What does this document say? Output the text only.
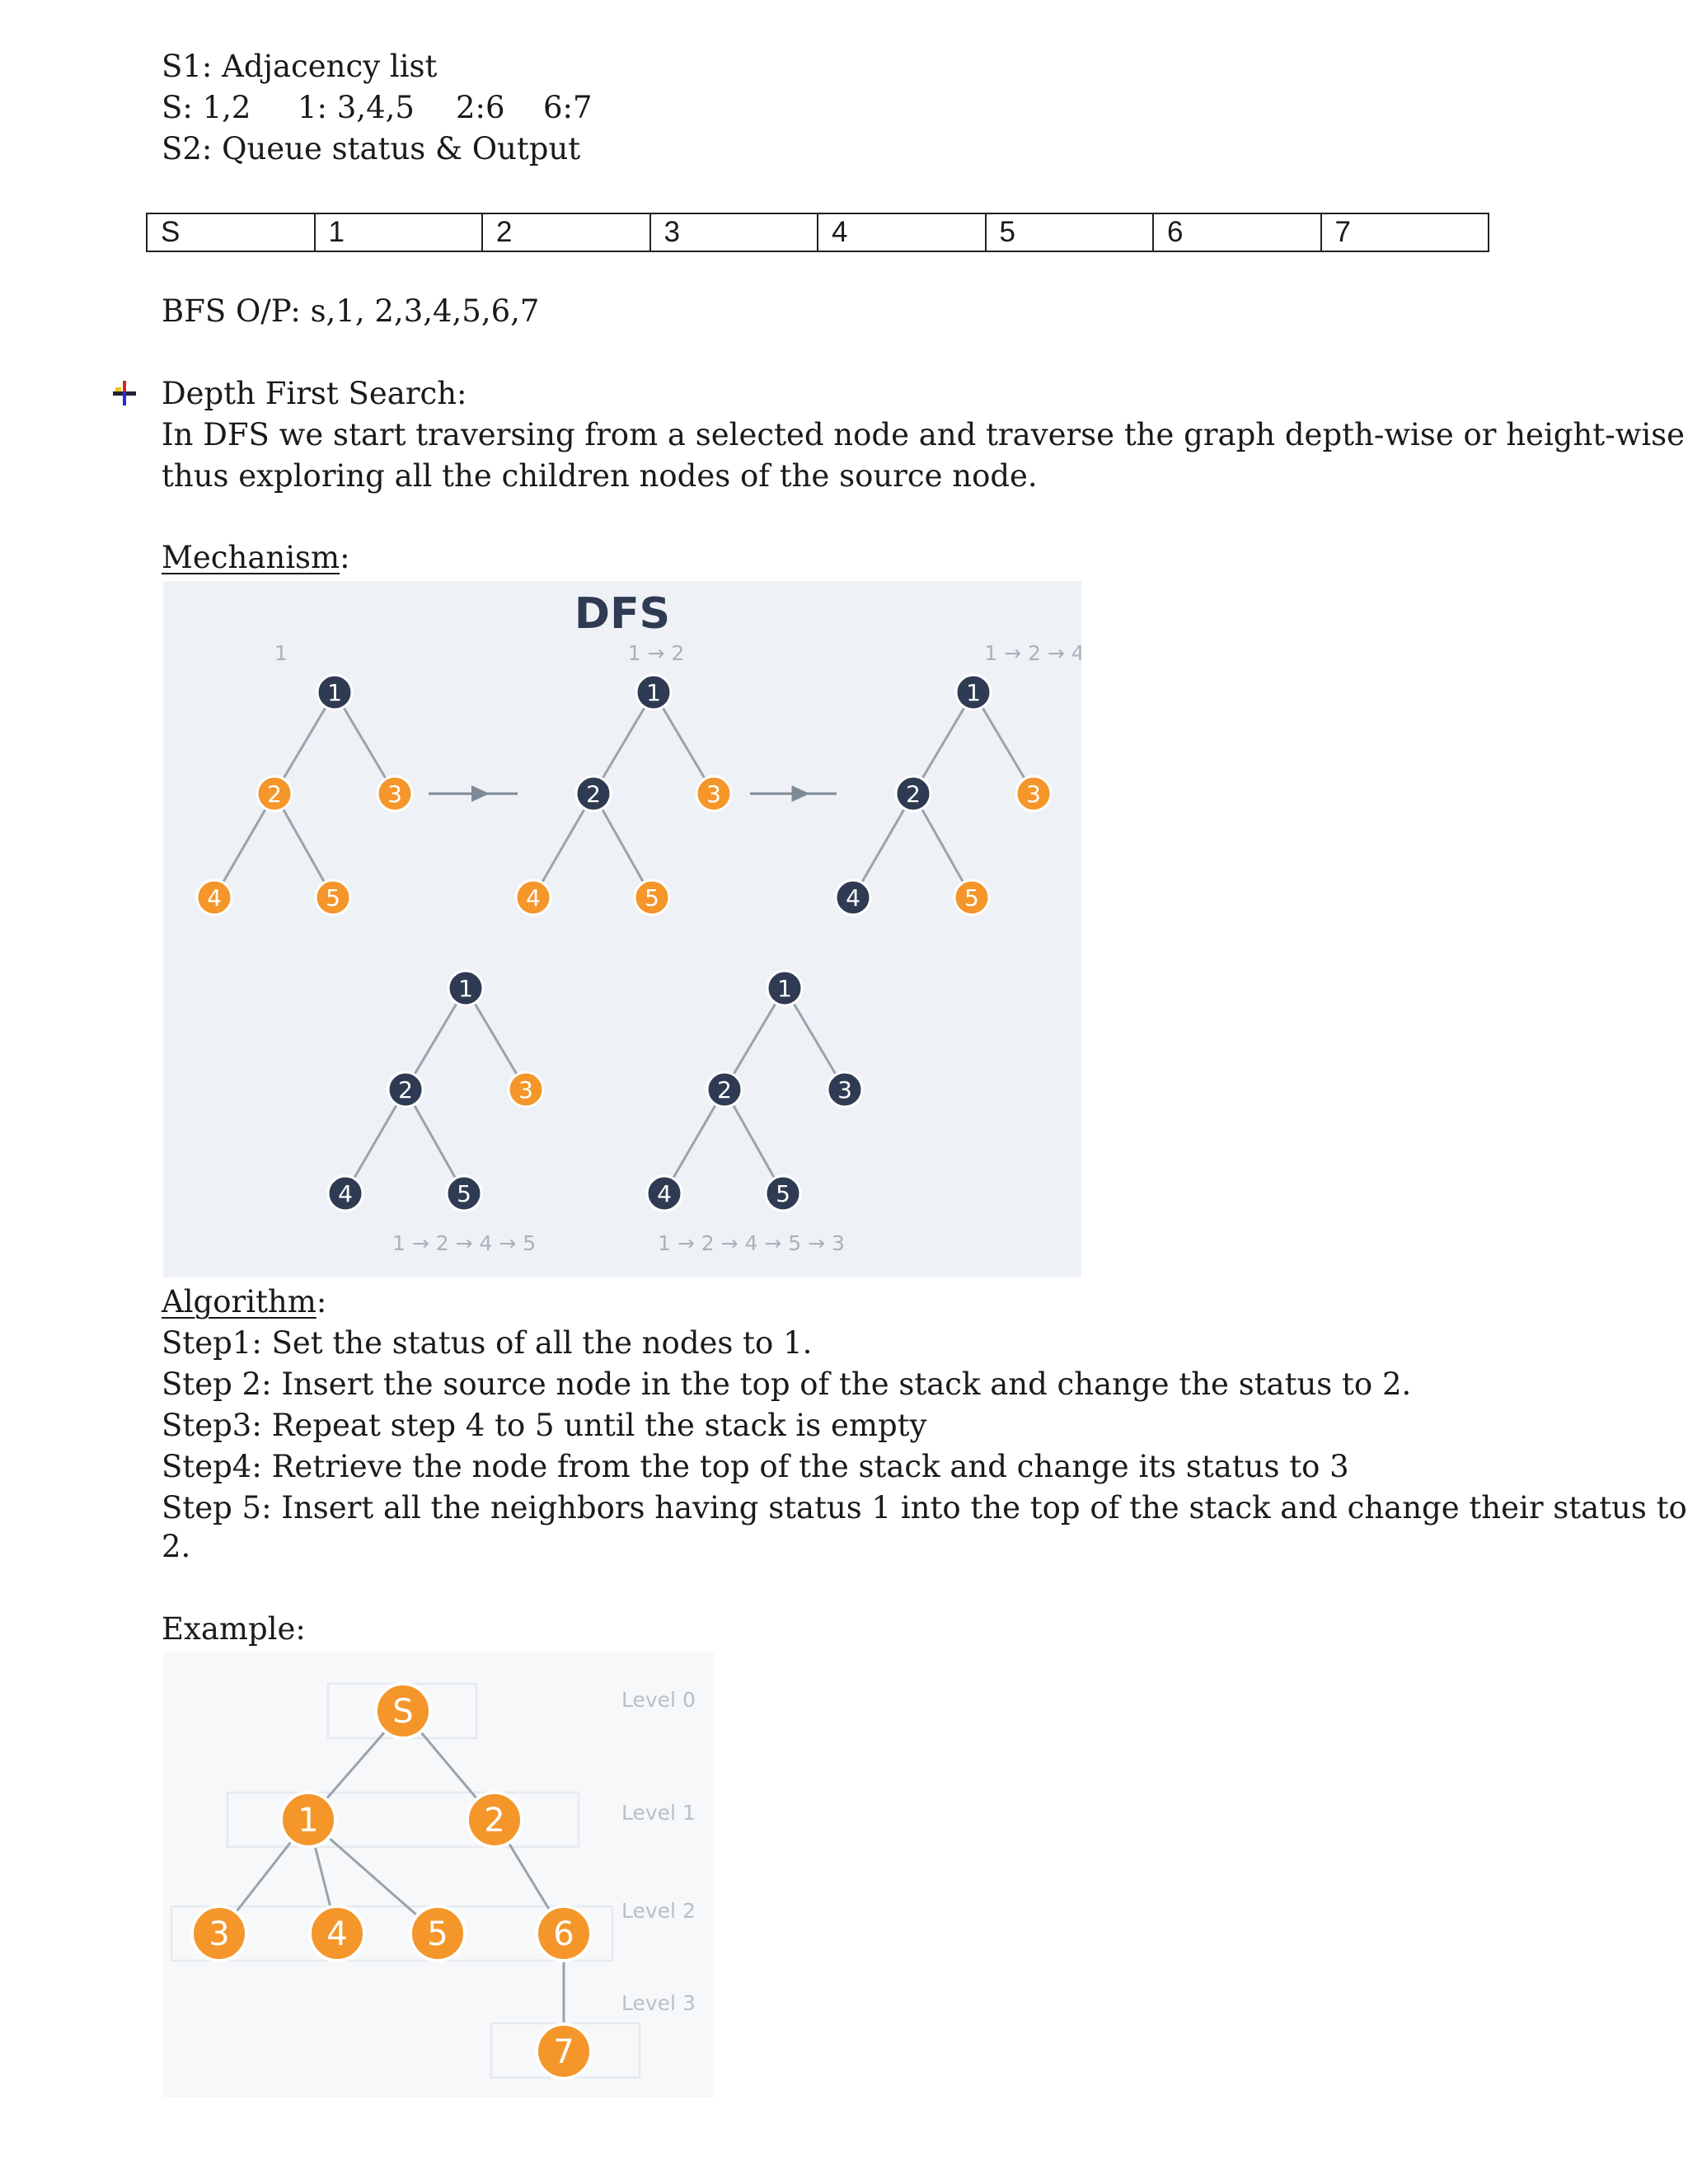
S1: Adjacency list
S: 1,2 1: 3,4,5 2:6 6:7
S2: Queue status & Output
S	1	2	3	4	5	6	7
BFS O/P: s,1, 2,3,4,5,6,7
Depth First Search:
In DFS we start traversing from a selected node and traverse the graph depth-wise or height-wise
thus exploring all the children nodes of the source node.
Mechanism:
DFS
1
2	3
4	5
1
1
2	3
4	5
1 → 2
1
2	3
4	5
1 → 2 → 4
1
2	3
4	5
1 → 2 → 4 → 5
1
2	3
4	5
1 → 2 → 4 → 5 → 3
Algorithm:
Step1: Set the status of all the nodes to 1.
Step 2: Insert the source node in the top of the stack and change the status to 2.
Step3: Repeat step 4 to 5 until the stack is empty
Step4: Retrieve the node from the top of the stack and change its status to 3
Step 5: Insert all the neighbors having status 1 into the top of the stack and change their status to
2.
Example:
Level 0
Level 1
Level 2
Level 3
S
1	2
3	4 5	6
7
